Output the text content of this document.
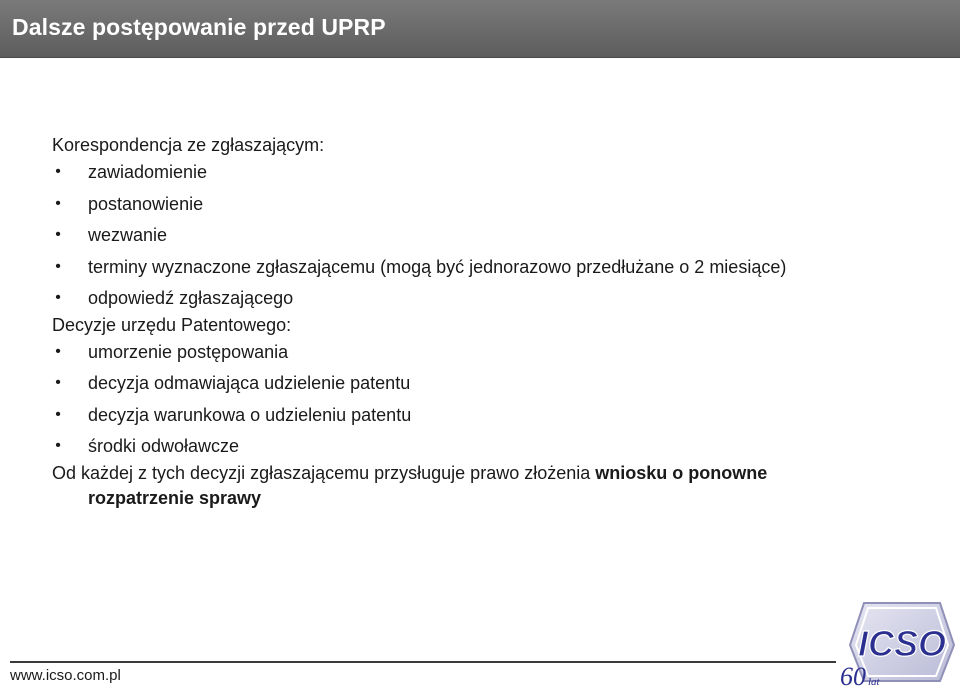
Dalsze postępowanie przed UPRP
Korespondencja ze zgłaszającym:
• zawiadomienie
• postanowienie
• wezwanie
• terminy wyznaczone zgłaszającemu (mogą być jednorazowo przedłużane o 2 miesiące)
• odpowiedź zgłaszającego
Decyzje urzędu Patentowego:
• umorzenie postępowania
• decyzja odmawiająca udzielenie patentu
• decyzja warunkowa o udzieleniu patentu
• środki odwoławcze
Od każdej z tych decyzji zgłaszającemu przysługuje prawo złożenia wniosku o ponowne rozpatrzenie sprawy
www.icso.com.pl
ICSO
60 lat
